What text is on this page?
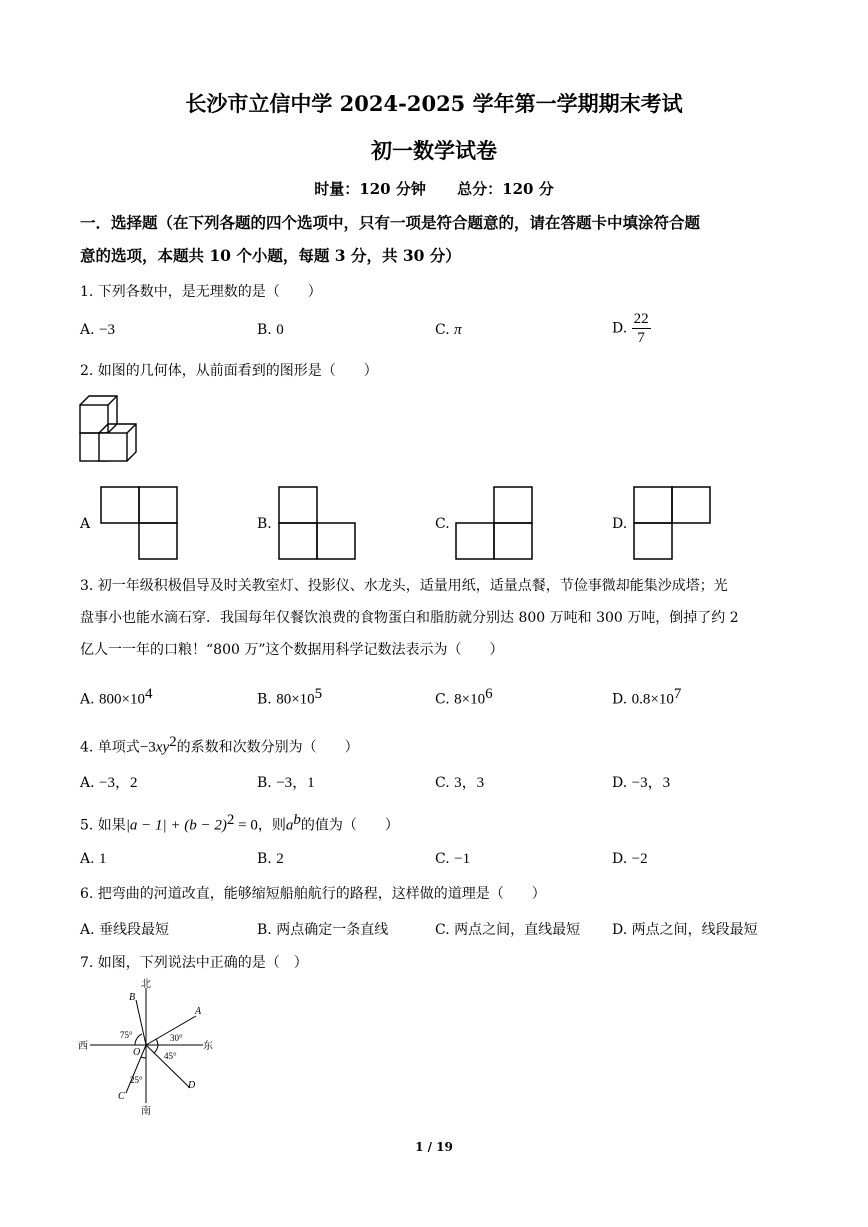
长沙市立信中学 2024-2025 学年第一学期期末考试
初一数学试卷
时量：120 分钟      总分：120 分
一．选择题（在下列各题的四个选项中，只有一项是符合题意的，请在答题卡中填涂符合题
意的选项，本题共 10 个小题，每题 3 分，共 30 分）
1. 下列各数中，是无理数的是（　　）
A. −3	B. 0	C. π	D. $\frac{22}{7}$
2. 如图的几何体，从前面看到的图形是（　　）
A	B.	C.	D.
3. 初一年级积极倡导及时关教室灯、投影仪、水龙头，适量用纸，适量点餐，节俭事微却能集沙成塔；光
盘事小也能水滴石穿．我国每年仅餐饮浪费的食物蛋白和脂肪就分别达 800 万吨和 300 万吨，倒掉了约 2
亿人一一年的口粮！“800 万”这个数据用科学记数法表示为（　　）
A. $800\times 10^4$	B. $80\times 10^5$	C. $8\times 10^6$	D. $0.8\times 10^7$
4. 单项式$-3xy^2$的系数和次数分别为（　　）
A. −3，2	B. −3，1	C. 3，3	D. −3，3
5. 如果$|a - 1| + (b - 2)^2 = 0$，则$a^b$的值为（　　）
A. 1	B. 2	C. −1	D. −2
6. 把弯曲的河道改直，能够缩短船舶航行的路程，这样做的道理是（　　）
A. 垂线段最短	B. 两点确定一条直线	C. 两点之间，直线最短 D. 两点之间，线段最短
7. 如图，下列说法中正确的是（　）
北
南
西	东
B
A
D
C
O
75°	30°
45°
25°
1 / 19
